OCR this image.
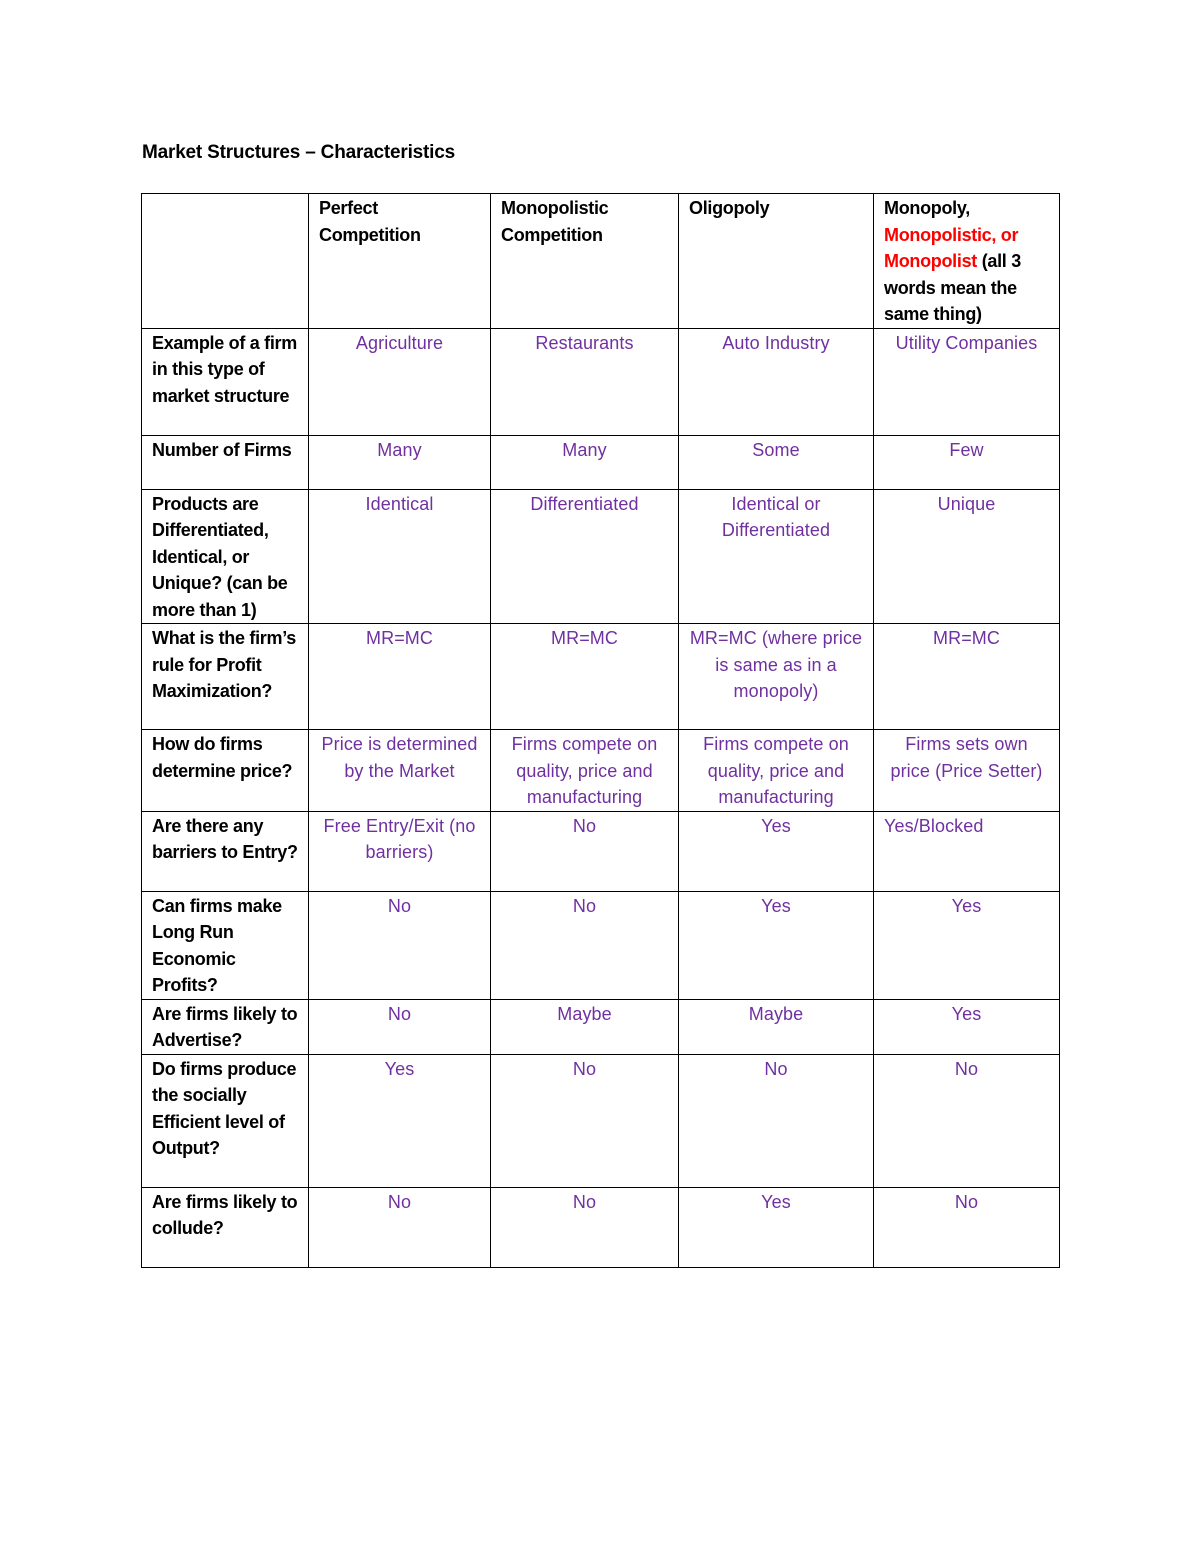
Market Structures – Characteristics
	Perfect Competition	Monopolistic Competition	Oligopoly	Monopoly, Monopolistic, or Monopolist (all 3 words mean the same thing)
Example of a firm in this type of market structure	Agriculture	Restaurants	Auto Industry	Utility Companies
Number of Firms	Many	Many	Some	Few
Products are Differentiated, Identical, or Unique? (can be more than 1)	Identical	Differentiated	Identical or Differentiated	Unique
What is the firm’s rule for Profit Maximization?	MR=MC	MR=MC	MR=MC (where price is same as in a monopoly)	MR=MC
How do firms determine price?	Price is determined by the Market	Firms compete on quality, price and manufacturing	Firms compete on quality, price and manufacturing	Firms sets own price (Price Setter)
Are there any barriers to Entry?	Free Entry/Exit (no barriers)	No	Yes	Yes/Blocked
Can firms make Long Run Economic Profits?	No	No	Yes	Yes
Are firms likely to Advertise?	No	Maybe	Maybe	Yes
Do firms produce the socially Efficient level of Output?	Yes	No	No	No
Are firms likely to collude?	No	No	Yes	No
